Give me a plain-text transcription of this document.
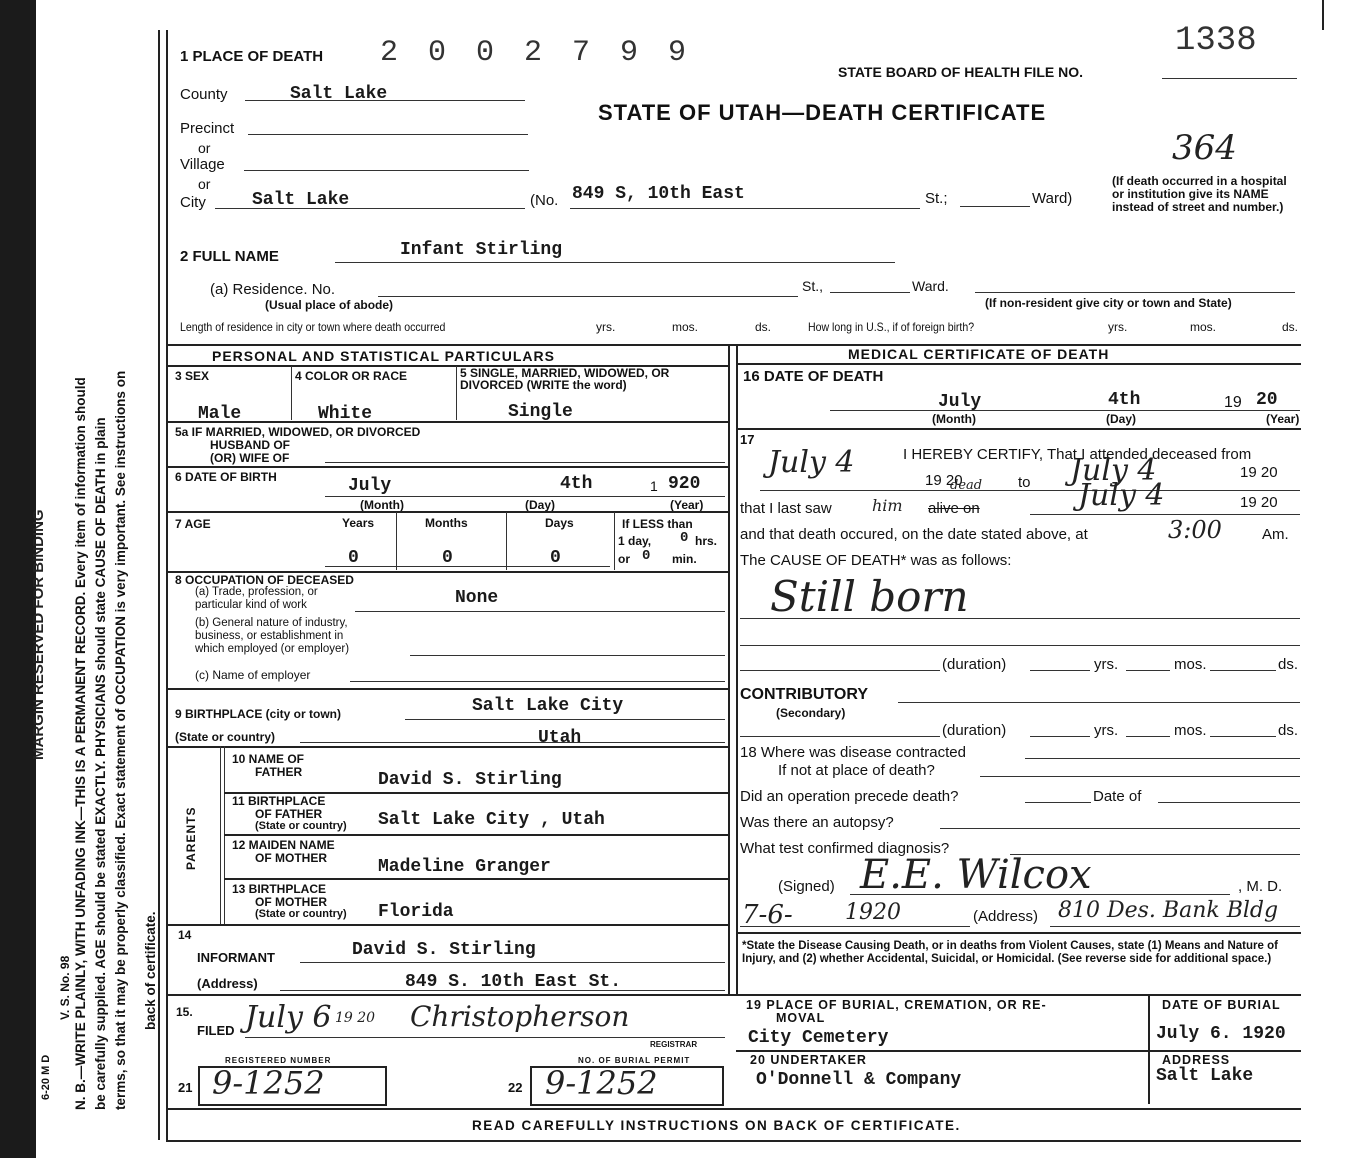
MARGIN RESERVED FOR BINDING
V. S. No. 98
6-20 M D N. B.—WRITE PLAINLY, WITH UNFADING INK—THIS IS A PERMANENT RECORD. Every item of information should be carefully supplied. AGE should be stated EXACTLY. PHYSICIANS should state CAUSE OF DEATH in plain terms, so that it may be properly classified. Exact statement of OCCUPATION is very important. See instructions on back of certificate.
1 PLACE OF DEATH 2 0 0 2 7 9 9	1338
STATE BOARD OF HEALTH FILE NO.
STATE OF UTAH—DEATH CERTIFICATE
364
(If death occurred in a hospital or institution give its NAME instead of street and number.)
County	Salt Lake
Precinct
or
Village
or
City	Salt Lake	(No. 849 S, 10th East	St.;	Ward)
2 FULL NAME	Infant Stirling
(a) Residence. No.
(Usual place of abode)
St.,	Ward.
(If non-resident give city or town and State)
Length of residence in city or town where death occurred	yrs.	mos.	ds.	How long in U.S., if of foreign birth?	yrs.	mos.	ds.
PERSONAL AND STATISTICAL PARTICULARS
3 SEX	4 COLOR OR RACE	5 SINGLE, MARRIED, WIDOWED, OR DIVORCED (WRITE the word)
Male	White	Single
5a IF MARRIED, WIDOWED, OR DIVORCED
HUSBAND OF
(OR) WIFE OF
6 DATE OF BIRTH	July	4th	1 920
(Month)	(Day)	(Year)
7 AGE	Years	Months	Days
0	0	0
If LESS than
1 day, 0 hrs.
or 0 min.
8 OCCUPATION OF DECEASED
(a) Trade, profession, or
particular kind of work	None
(b) General nature of industry,
business, or establishment in
which employed (or employer)
(c) Name of employer
9 BIRTHPLACE (city or town)	Salt Lake City
(State or country)	Utah
PARENTS
10 NAME OF
FATHER	David S. Stirling
11 BIRTHPLACE
OF FATHER
(State or country) Salt Lake City , Utah
12 MAIDEN NAME
OF MOTHER	Madeline Granger
13 BIRTHPLACE
OF MOTHER
(State or country) Florida
14
INFORMANT	David S. Stirling
(Address)	849 S. 10th East St.
15.
FILED July 6 19 20 Christopherson
REGISTRAR
REGISTERED NUMBER	NO. OF BURIAL PERMIT
21 9-1252	22 9-1252
MEDICAL CERTIFICATE OF DEATH
16 DATE OF DEATH
July	4th	19 20
(Month)	(Day)	(Year)
17
I HEREBY CERTIFY, That I attended deceased from
July 4
19 20	to July 4	19 20
that I last saw	him alive on
dead	July 4	19 20
and that death occured, on the date stated above, at	3:00	Am.
The CAUSE OF DEATH* was as follows:
Still born
(duration)	yrs.	mos.	ds.
CONTRIBUTORY
(Secondary)
(duration)	yrs.	mos.	ds.
18 Where was disease contracted
If not at place of death?
Did an operation precede death?	Date of
Was there an autopsy?
What test confirmed diagnosis?
(Signed) E.E. Wilcox	, M. D.
7-6- 1920	(Address) 810 Des. Bank Bldg
*State the Disease Causing Death, or in deaths from Violent Causes, state (1) Means and Nature of Injury, and (2) whether Accidental, Suicidal, or Homicidal. (See reverse side for additional space.)
19 PLACE OF BURIAL, CREMATION, OR RE-
MOVAL
City Cemetery
DATE OF BURIAL
July 6. 1920
20 UNDERTAKER
O'Donnell & Company
ADDRESS
Salt Lake
READ CAREFULLY INSTRUCTIONS ON BACK OF CERTIFICATE.
